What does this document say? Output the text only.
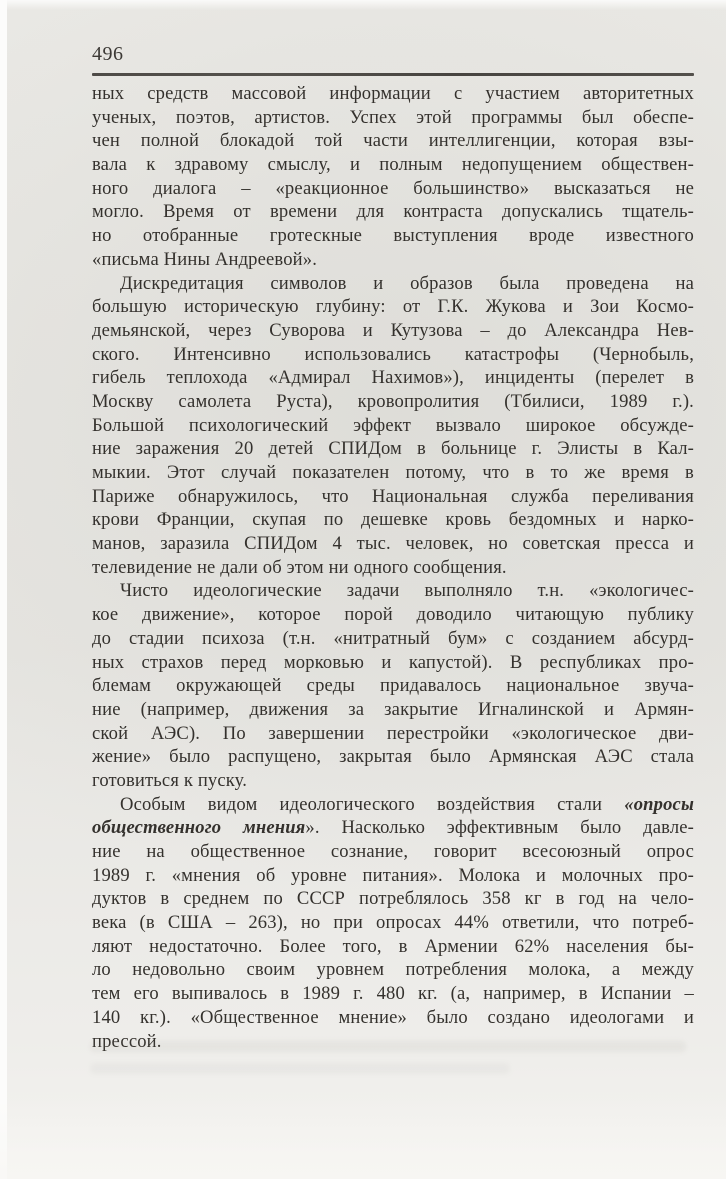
496
ных средств массовой информации с участием авторитетных
ученых, поэтов, артистов. Успех этой программы был обеспе-
чен полной блокадой той части интеллигенции, которая взы-
вала к здравому смыслу, и полным недопущением обществен-
ного диалога – «реакционное большинство» высказаться не
могло. Время от времени для контраста допускались тщатель-
но отобранные гротескные выступления вроде известного
«письма Нины Андреевой».
Дискредитация символов и образов была проведена на
большую историческую глубину: от Г.К. Жукова и Зои Космо-
демьянской, через Суворова и Кутузова – до Александра Нев-
ского. Интенсивно использовались катастрофы (Чернобыль,
гибель теплохода «Адмирал Нахимов»), инциденты (перелет в
Москву самолета Руста), кровопролития (Тбилиси, 1989 г.).
Большой психологический эффект вызвало широкое обсужде-
ние заражения 20 детей СПИДом в больнице г. Элисты в Кал-
мыкии. Этот случай показателен потому, что в то же время в
Париже обнаружилось, что Национальная служба переливания
крови Франции, скупая по дешевке кровь бездомных и нарко-
манов, заразила СПИДом 4 тыс. человек, но советская пресса и
телевидение не дали об этом ни одного сообщения.
Чисто идеологические задачи выполняло т.н. «экологичес-
кое движение», которое порой доводило читающую публику
до стадии психоза (т.н. «нитратный бум» с созданием абсурд-
ных страхов перед морковью и капустой). В республиках про-
блемам окружающей среды придавалось национальное звуча-
ние (например, движения за закрытие Игналинской и Армян-
ской АЭС). По завершении перестройки «экологическое дви-
жение» было распущено, закрытая было Армянская АЭС стала
готовиться к пуску.
Особым видом идеологического воздействия стали «опросы
общественного мнения». Насколько эффективным было давле-
ние на общественное сознание, говорит всесоюзный опрос
1989 г. «мнения об уровне питания». Молока и молочных про-
дуктов в среднем по СССР потреблялось 358 кг в год на чело-
века (в США – 263), но при опросах 44% ответили, что потреб-
ляют недостаточно. Более того, в Армении 62% населения бы-
ло недовольно своим уровнем потребления молока, а между
тем его выпивалось в 1989 г. 480 кг. (а, например, в Испании –
140 кг.). «Общественное мнение» было создано идеологами и
прессой.
